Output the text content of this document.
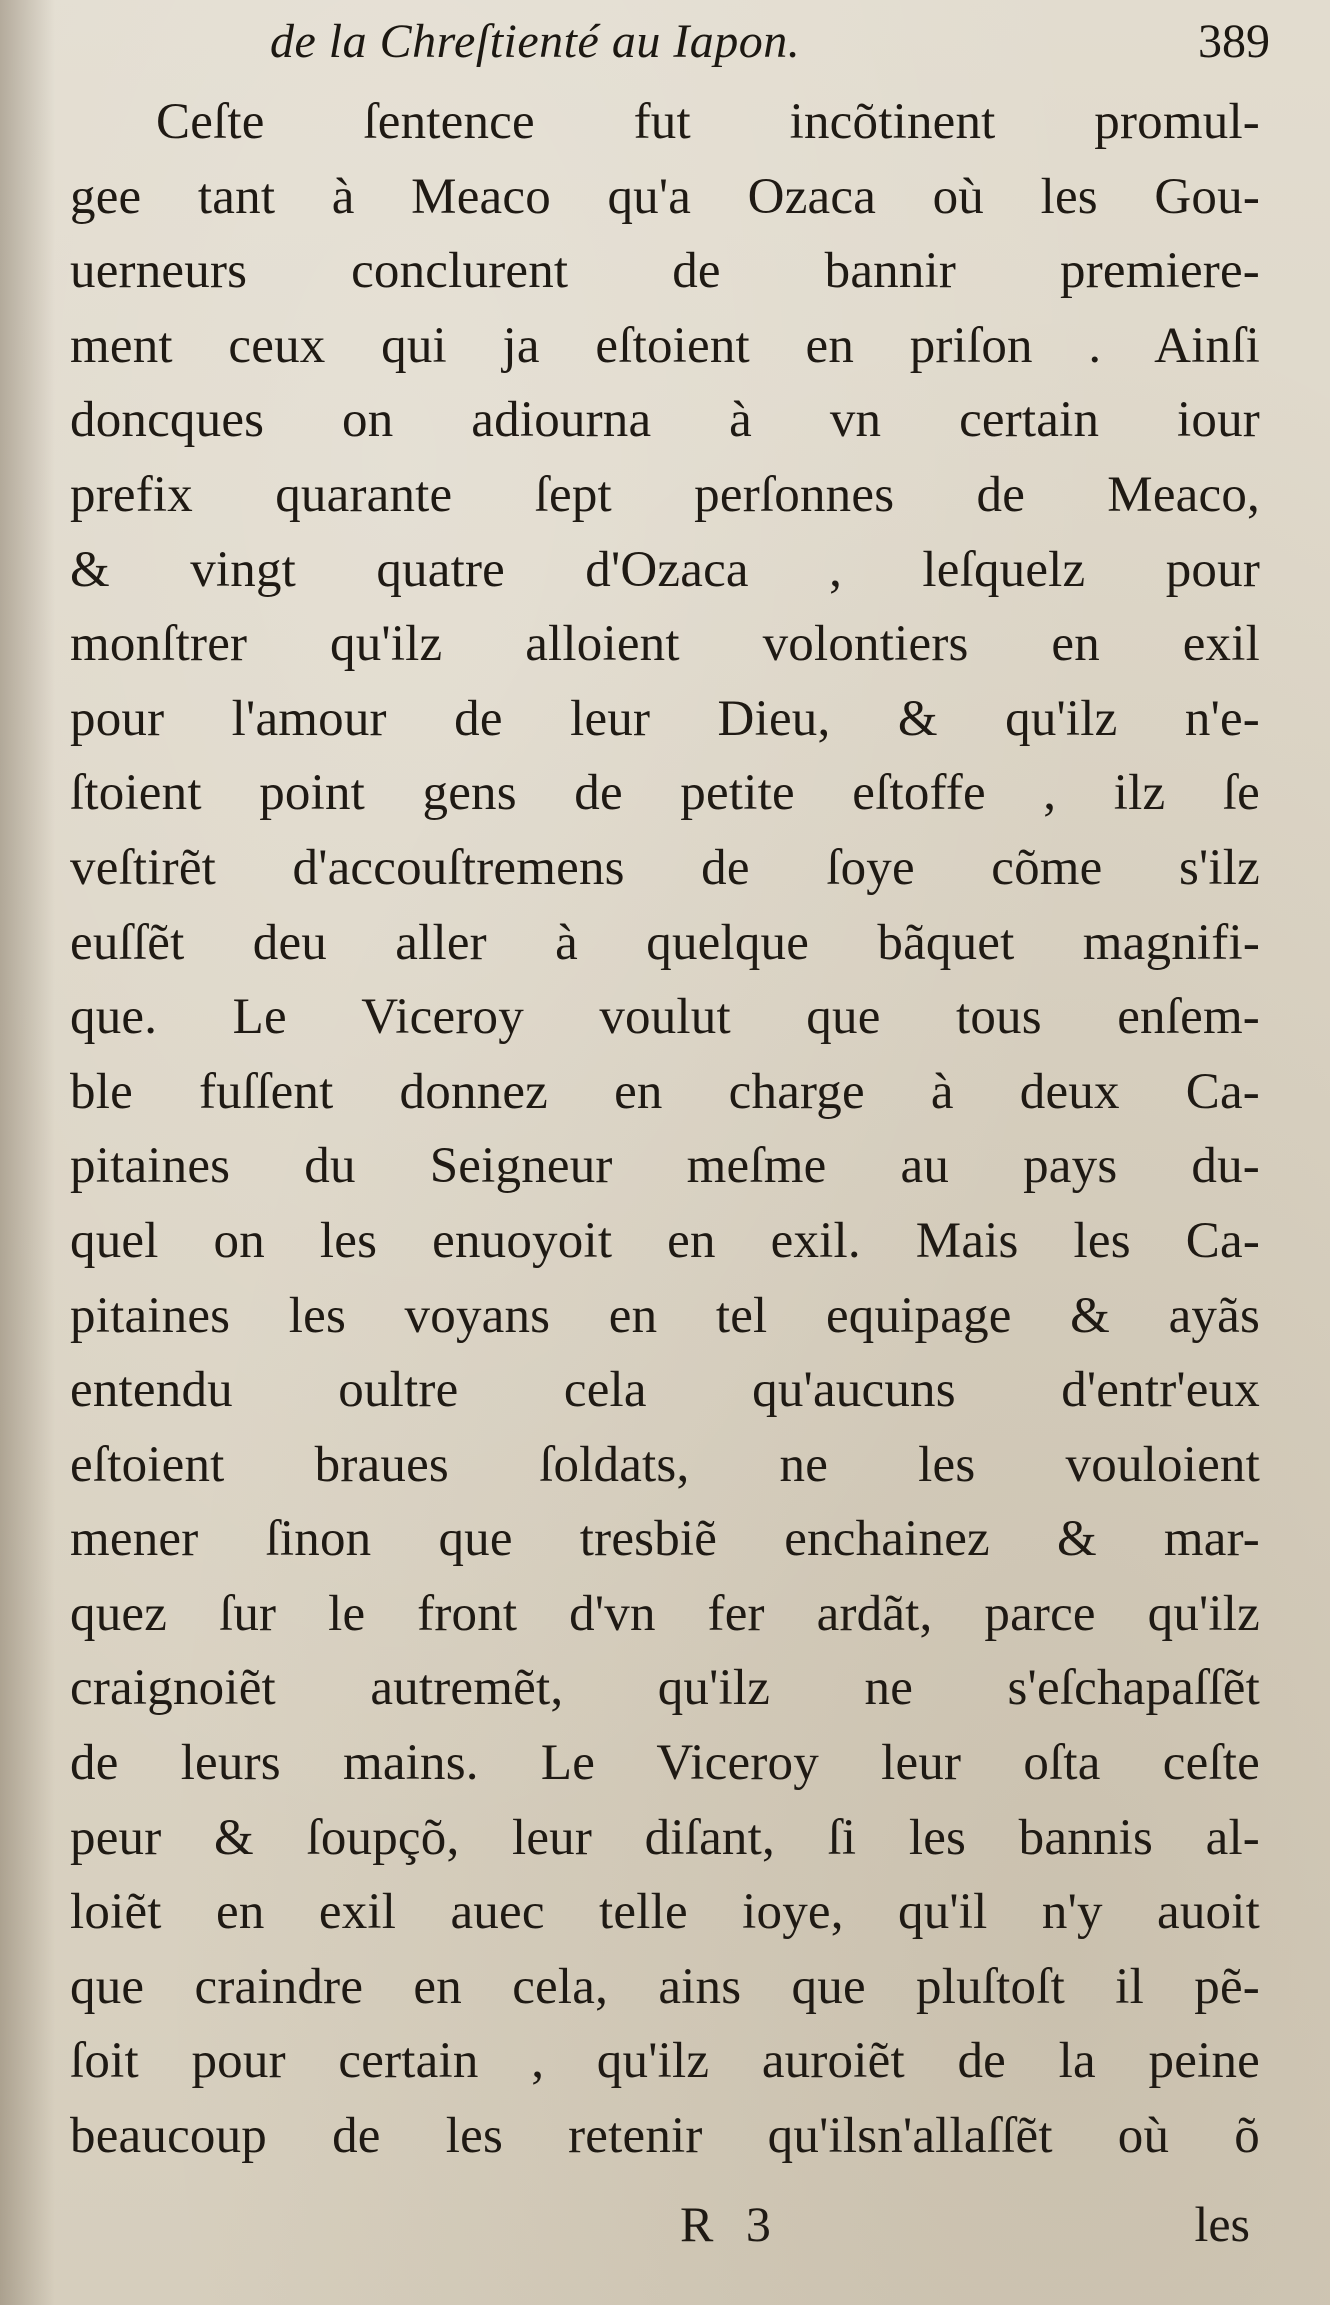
de la Chreſtienté au Iapon.	389
Ceſte ſentence fut incõtinent promul-
gee tant à Meaco qu'a Ozaca où les Gou-
uerneurs conclurent de bannir premiere-
ment ceux qui ja eſtoient en priſon . Ainſi
doncques on adiourna à vn certain iour
prefix quarante ſept perſonnes de Meaco,
& vingt quatre d'Ozaca , leſquelz pour
monſtrer qu'ilz alloient volontiers en exil
pour l'amour de leur Dieu, & qu'ilz n'e-
ſtoient point gens de petite eſtoffe , ilz ſe
veſtirẽt d'accouſtremens de ſoye cõme s'ilz
euſſẽt deu aller à quelque bãquet magnifi-
que. Le Viceroy voulut que tous enſem-
ble fuſſent donnez en charge à deux Ca-
pitaines du Seigneur meſme au pays du-
quel on les enuoyoit en exil. Mais les Ca-
pitaines les voyans en tel equipage & ayãs
entendu oultre cela qu'aucuns d'entr'eux
eſtoient braues ſoldats, ne les vouloient
mener ſinon que tresbiẽ enchainez & mar-
quez ſur le front d'vn fer ardãt, parce qu'ilz
craignoiẽt autremẽt, qu'ilz ne s'eſchapaſſẽt
de leurs mains. Le Viceroy leur oſta ceſte
peur & ſoupçõ, leur diſant, ſi les bannis al-
loiẽt en exil auec telle ioye, qu'il n'y auoit
que craindre en cela, ains que pluſtoſt il pẽ-
ſoit pour certain , qu'ilz auroiẽt de la peine
beaucoup de les retenir qu'ilsn'allaſſẽt où õ
R 3	les
